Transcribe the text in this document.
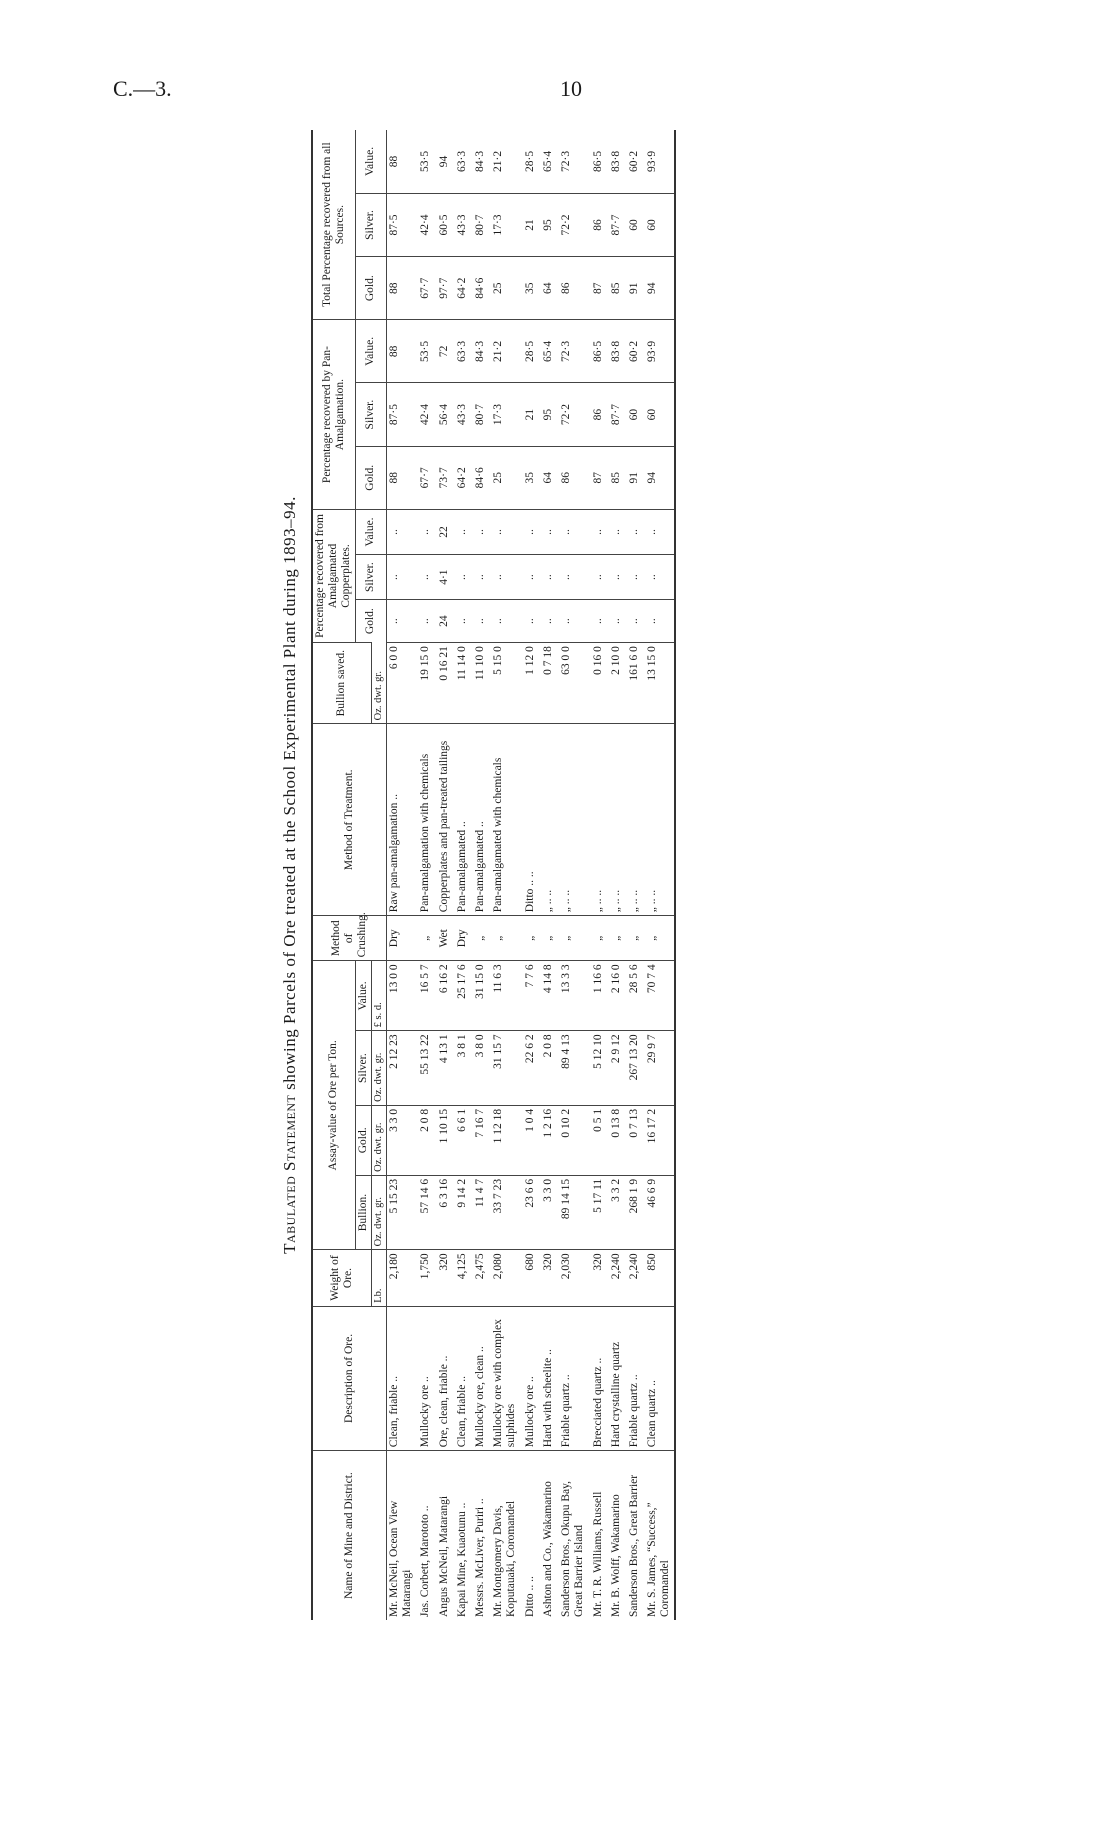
C.—3.	10
Tabulated Statement showing Parcels of Ore treated at the School Experimental Plant during 1893–94.
Name of Mine and District.	Description of Ore.	Weight of Ore.	Assay-value of Ore per Ton.				Method of Crushing.	Method of Treatment.	Bullion saved.	Percentage recovered from Amalgamated Copperplates.			Percentage recovered by Pan-Amalgamation.			Total Percentage recovered from all Sources.		
			Bullion.	Gold.	Silver.	Value.				Gold.	Silver.	Value.	Gold.	Silver.	Value.	Gold.	Silver.	Value.
		Lb.	Oz. dwt. gr.	Oz. dwt. gr.	Oz. dwt. gr.	£ s. d.			Oz. dwt. gr.									
Mr. McNeil, Ocean View Matarangi	Clean, friable ..	2,180	5 15 23	3 3 0	2 12 23	13 0 0	Dry	Raw pan-amalgamation ..	6 0 0	..	..	..	88	87·5	88	88	87·5	88
Jas. Corbett, Marototo ..	Mullocky ore ..	1,750	57 14 6	2 0 8	55 13 22	16 5 7	„	Pan-amalgamation with chemicals	19 15 0	..	..	..	67·7	42·4	53·5	67·7	42·4	53·5
Angus McNeil, Matarangi	Ore, clean, friable ..	320	6 3 16	1 10 15	4 13 1	6 16 2	Wet	Copperplates and pan-treated tailings	0 16 21	24	4·1	22	73·7	56·4	72	97·7	60·5	94
Kapai Mine, Kuaotunu ..	Clean, friable ..	4,125	9 14 2	6 6 1	3 8 1	25 17 6	Dry	Pan-amalgamated ..	11 14 0	..	..	..	64·2	43·3	63·3	64·2	43·3	63·3
Messrs. McLiver, Puriri ..	Mullocky ore, clean ..	2,475	11 4 7	7 16 7	3 8 0	31 15 0	„	Pan-amalgamated ..	11 10 0	..	..	..	84·6	80·7	84·3	84·6	80·7	84·3
Mr. Montgomery Davis, Koputauaki, Coromandel	Mullocky ore with complex sulphides	2,080	33 7 23	1 12 18	31 15 7	11 6 3	„	Pan-amalgamated with chemicals	5 15 0	..	..	..	25	17·3	21·2	25	17·3	21·2
Ditto .. ..	Mullocky ore ..	680	23 6 6	1 0 4	22 6 2	7 7 6	„	Ditto .. ..	1 12 0	..	..	..	35	21	28·5	35	21	28·5
Ashton and Co., Wakamarino	Hard with scheelite ..	320	3 3 0	1 2 16	2 0 8	4 14 8	„	„ .. ..	0 7 18	..	..	..	64	95	65·4	64	95	65·4
Sanderson Bros., Okupu Bay, Great Barrier Island	Friable quartz ..	2,030	89 14 15	0 10 2	89 4 13	13 3 3	„	„ .. ..	63 0 0	..	..	..	86	72·2	72·3	86	72·2	72·3
Mr. T. R. Williams, Russell	Brecciated quartz ..	320	5 17 11	0 5 1	5 12 10	1 16 6	„	„ .. ..	0 16 0	..	..	..	87	86	86·5	87	86	86·5
Mr. B. Wolff, Wakamarino	Hard crystalline quartz	2,240	3 3 2	0 13 8	2 9 12	2 16 0	„	„ .. ..	2 10 0	..	..	..	85	87·7	83·8	85	87·7	83·8
Sanderson Bros., Great Barrier	Friable quartz ..	2,240	268 1 9	0 7 13	267 13 20	28 5 6	„	„ .. ..	161 6 0	..	..	..	91	60	60·2	91	60	60·2
Mr. S. James, “Success,” Coromandel	Clean quartz ..	850	46 6 9	16 17 2	29 9 7	70 7 4	„	„ .. ..	13 15 0	..	..	..	94	60	93·9	94	60	93·9
